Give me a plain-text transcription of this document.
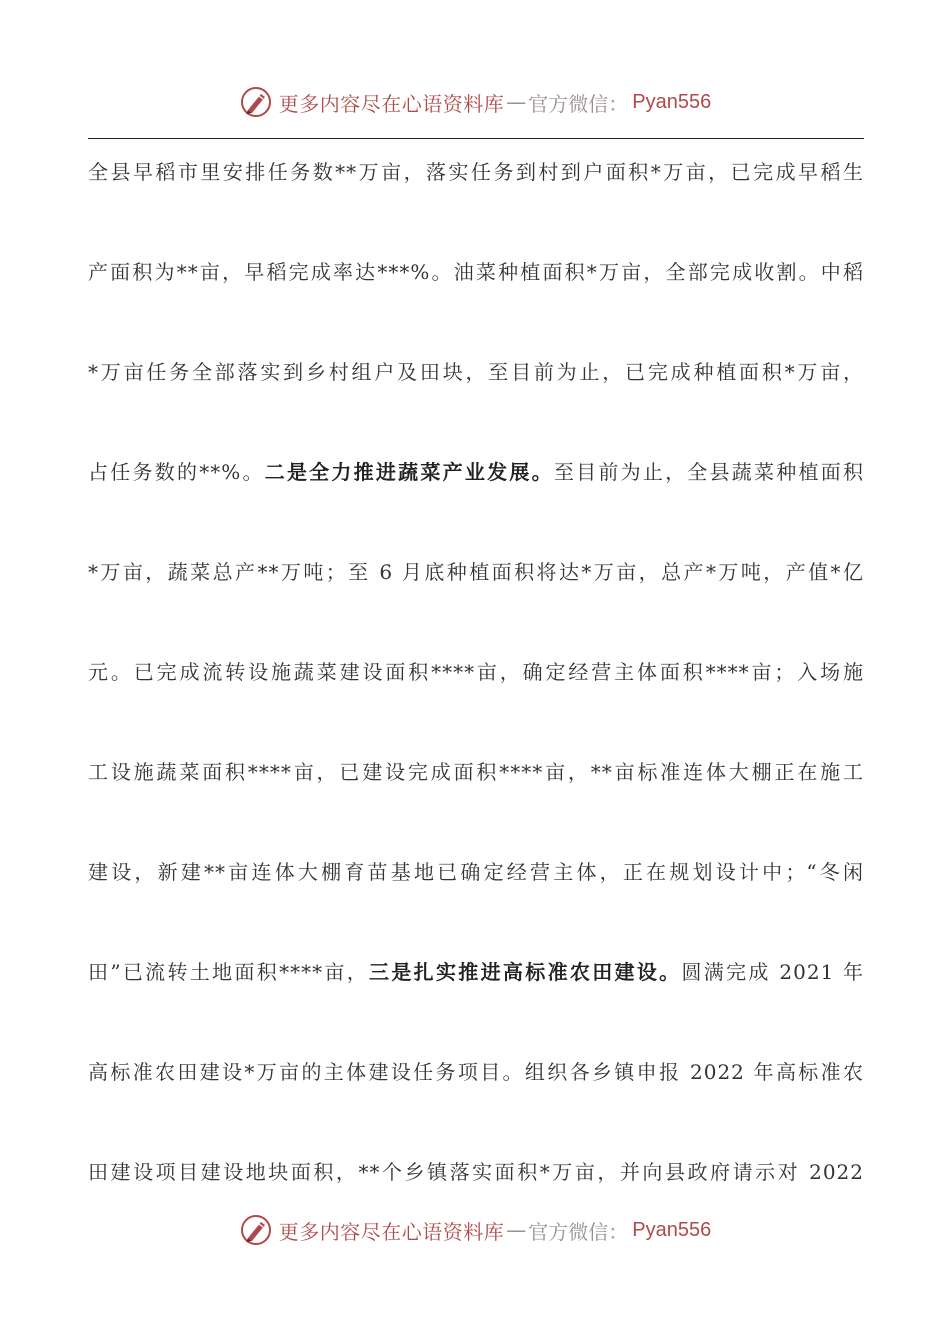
更多内容尽在心语资料库 — 官方微信： Pyan556
全县早稻市里安排任务数**万亩，落实任务到村到户面积*万亩，已完成早稻生
产面积为**亩，早稻完成率达***%。油菜种植面积*万亩，全部完成收割。中稻
*万亩任务全部落实到乡村组户及田块，至目前为止，已完成种植面积*万亩，
占任务数的**%。二是全力推进蔬菜产业发展。至目前为止，全县蔬菜种植面积
*万亩，蔬菜总产**万吨；至 6 月底种植面积将达*万亩，总产*万吨，产值*亿
元。已完成流转设施蔬菜建设面积****亩，确定经营主体面积****亩；入场施
工设施蔬菜面积****亩，已建设完成面积****亩，**亩标准连体大棚正在施工
建设，新建**亩连体大棚育苗基地已确定经营主体，正在规划设计中；“冬闲
田”已流转土地面积****亩，三是扎实推进高标准农田建设。圆满完成 2021 年
高标准农田建设*万亩的主体建设任务项目。组织各乡镇申报 2022 年高标准农
田建设项目建设地块面积，**个乡镇落实面积*万亩，并向县政府请示对 2022
更多内容尽在心语资料库 — 官方微信： Pyan556
